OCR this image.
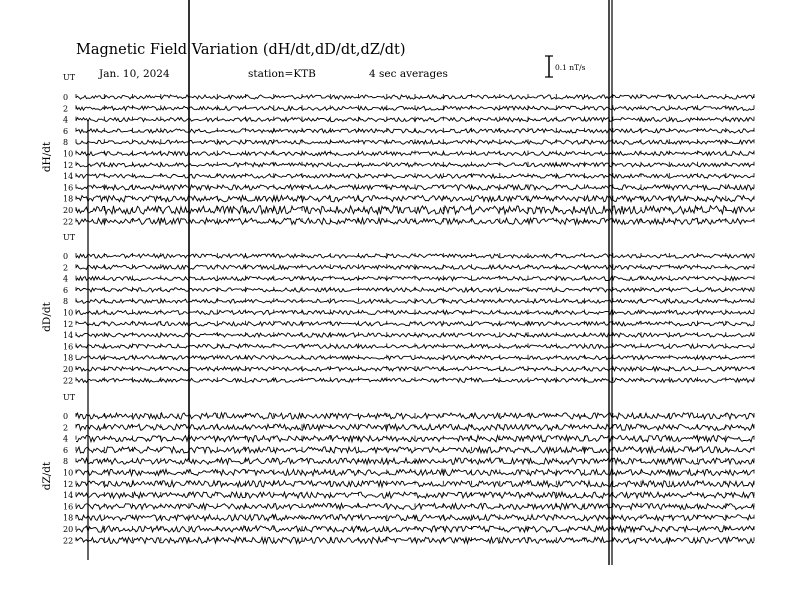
Magnetic Field Variation (dH/dt,dD/dt,dZ/dt)
Jan. 10, 2024	station=KTB	4 sec averages
0.1 nT/s
UT
dH/dt
0
2
4
6
8
10
12
14
16
18
20
22
UT
dD/dt
0
2
4
6
8
10
12
14
16
18
20
22
UT
dZ/dt
0
2
4
6
8
10
12
14
16
18
20
22
